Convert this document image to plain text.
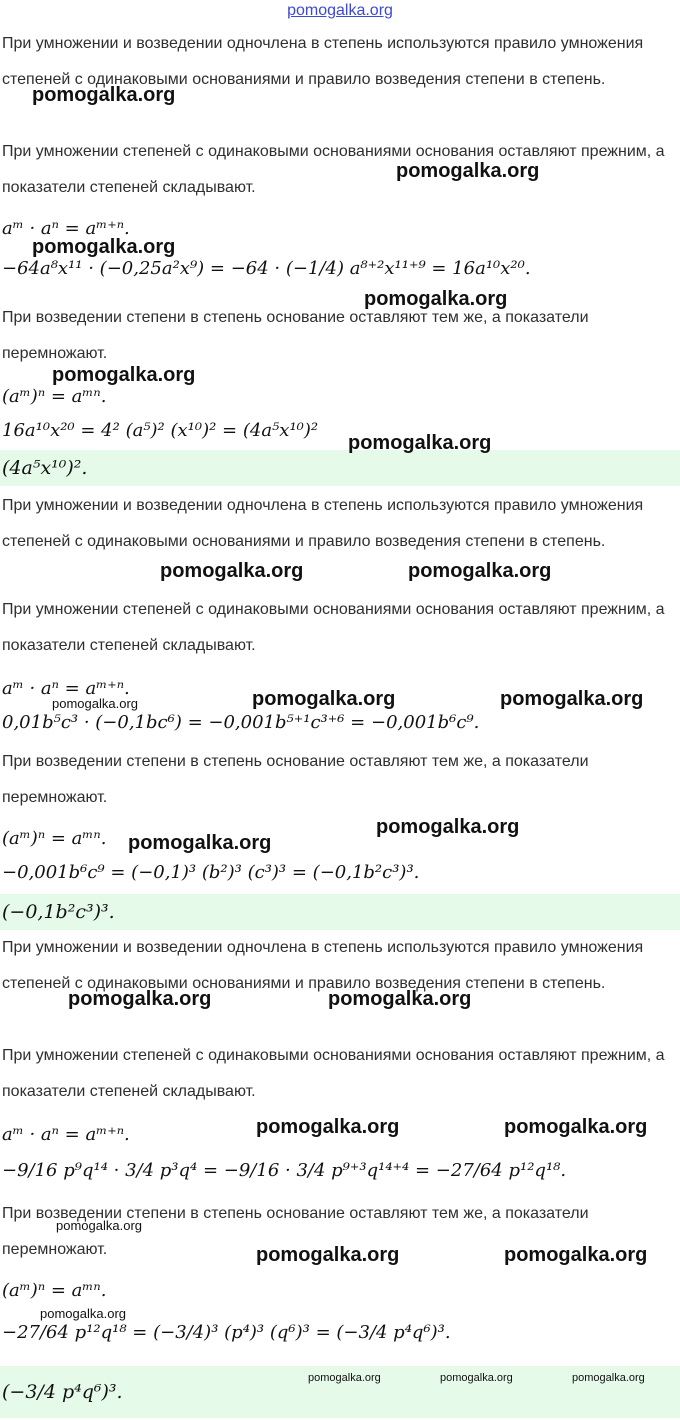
pomogalka.org

При умножении и возведении одночлена в степень используются правило умножения степеней с одинаковыми основаниями и правило возведения степени в степень.

При умножении степеней с одинаковыми основаниями основания оставляют прежним, а показатели степеней складывают.

aᵐ · aⁿ = aᵐ⁺ⁿ.
−64a⁸x¹¹ · (−0,25a²x⁹) = −64 · (−1/4) a⁸⁺²x¹¹⁺⁹ = 16a¹⁰x²⁰.

При возведении степени в степень основание оставляют тем же, а показатели перемножают.

(aᵐ)ⁿ = aᵐⁿ.
16a¹⁰x²⁰ = 4² (a⁵)² (x¹⁰)² = (4a⁵x¹⁰)²
(4a⁵x¹⁰)².

При умножении и возведении одночлена в степень используются правило умножения степеней с одинаковыми основаниями и правило возведения степени в степень.

При умножении степеней с одинаковыми основаниями основания оставляют прежним, а показатели степеней складывают.

aᵐ · aⁿ = aᵐ⁺ⁿ.
0,01b⁵c³ · (−0,1bc⁶) = −0,001b⁵⁺¹c³⁺⁶ = −0,001b⁶c⁹.

При возведении степени в степень основание оставляют тем же, а показатели перемножают.

(aᵐ)ⁿ = aᵐⁿ.
−0,001b⁶c⁹ = (−0,1)³ (b²)³ (c³)³ = (−0,1b²c³)³.
(−0,1b²c³)³.

При умножении и возведении одночлена в степень используются правило умножения степеней с одинаковыми основаниями и правило возведения степени в степень.

При умножении степеней с одинаковыми основаниями основания оставляют прежним, а показатели степеней складывают.

aᵐ · aⁿ = aᵐ⁺ⁿ.
−9/16 p⁹q¹⁴ · 3/4 p³q⁴ = −9/16 · 3/4 p⁹⁺³q¹⁴⁺⁴ = −27/64 p¹²q¹⁸.

При возведении степени в степень основание оставляют тем же, а показатели перемножают.

(aᵐ)ⁿ = aᵐⁿ.
−27/64 p¹²q¹⁸ = (−3/4)³ (p⁴)³ (q⁶)³ = (−3/4 p⁴q⁶)³.
(−3/4 p⁴q⁶)³.
pomogalka.org
pomogalka.org
pomogalka.org
pomogalka.org
pomogalka.org
pomogalka.org
pomogalka.org	pomogalka.org
pomogalka.org	pomogalka.org	pomogalka.org
pomogalka.org
pomogalka.org
pomogalka.org	pomogalka.org
pomogalka.org	pomogalka.org
pomogalka.org
pomogalka.org	pomogalka.org
pomogalka.org
pomogalka.org	pomogalka.org	pomogalka.org
